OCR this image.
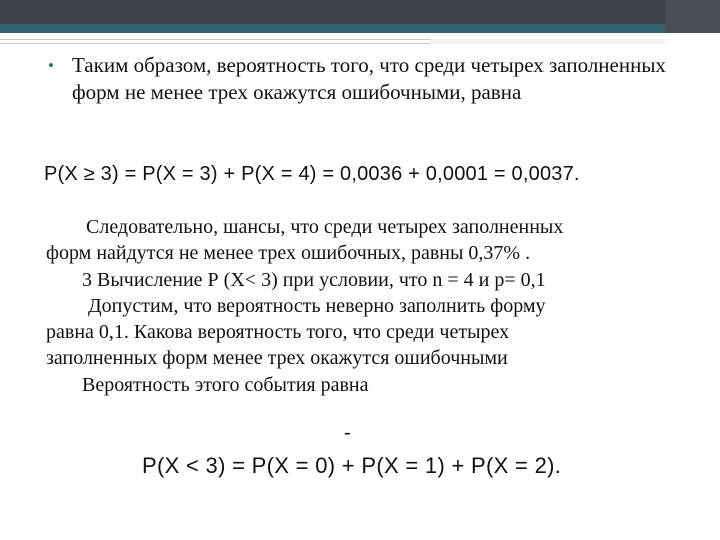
• Таким образом, вероятность того, что среди четырех заполненных форм не менее трех окажутся ошибочными, равна
P(X ≥ 3) = P(X = 3) + P(X = 4) = 0,0036 + 0,0001 = 0,0037.
Следовательно, шансы, что среди четырех заполненных
форм найдутся не менее трех ошибочных, равны 0,37% .
3 Вычисление Р (Х< 3) при условии, что n = 4 и p= 0,1
Допустим, что вероятность неверно заполнить форму
равна 0,1. Какова вероятность того, что среди четырех
заполненных форм менее трех окажутся ошибочными
Вероятность этого события равна
-
P(X < 3) = P(X = 0) + P(X = 1) + P(X = 2).
